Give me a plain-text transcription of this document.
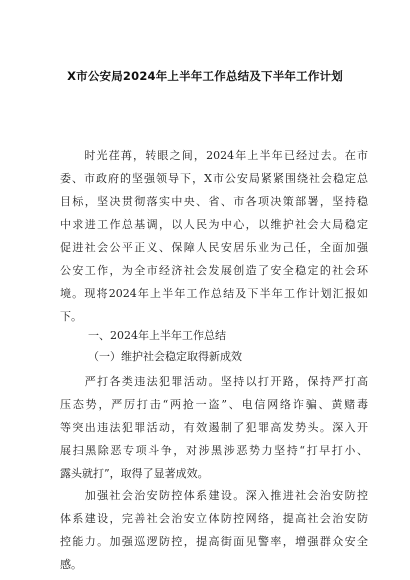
X市公安局2024年上半年工作总结及下半年工作计划
　　时光荏苒，转眼之间，2024年上半年已经过去。在市
委、市政府的坚强领导下，X市公安局紧紧围绕社会稳定总
目标，坚决贯彻落实中央、省、市各项决策部署，坚持稳
中求进工作总基调，以人民为中心，以维护社会大局稳定
促进社会公平正义、保障人民安居乐业为己任，全面加强
公安工作，为全市经济社会发展创造了安全稳定的社会环
境。现将2024年上半年工作总结及下半年工作计划汇报如
下。
一、2024年上半年工作总结
（一）维护社会稳定取得新成效
　　严打各类违法犯罪活动。坚持以打开路，保持严打高
压态势，严厉打击“两抢一盗”、电信网络诈骗、黄赌毒
等突出违法犯罪活动，有效遏制了犯罪高发势头。深入开
展扫黑除恶专项斗争，对涉黑涉恶势力坚持“打早打小、
露头就打”，取得了显著成效。
　　加强社会治安防控体系建设。深入推进社会治安防控
体系建设，完善社会治安立体防控网络，提高社会治安防
控能力。加强巡逻防控，提高街面见警率，增强群众安全
感。
